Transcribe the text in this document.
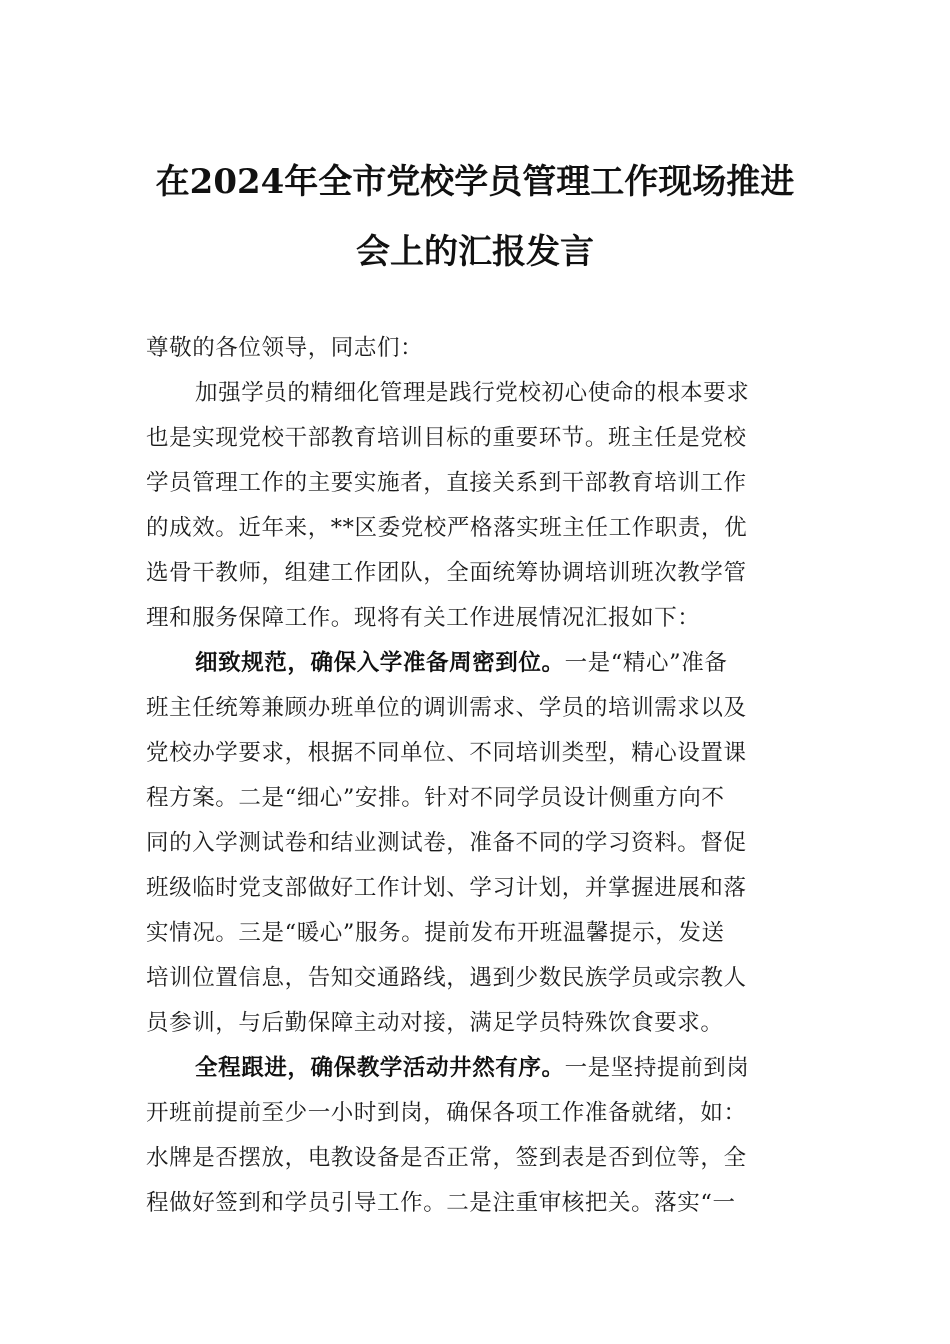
在2024年全市党校学员管理工作现场推进
会上的汇报发言
尊敬的各位领导，同志们：
加强学员的精细化管理是践行党校初心使命的根本要求
也是实现党校干部教育培训目标的重要环节。班主任是党校
学员管理工作的主要实施者，直接关系到干部教育培训工作
的成效。近年来，**区委党校严格落实班主任工作职责，优
选骨干教师，组建工作团队，全面统筹协调培训班次教学管
理和服务保障工作。现将有关工作进展情况汇报如下：
细致规范，确保入学准备周密到位。一是“精心”准备
班主任统筹兼顾办班单位的调训需求、学员的培训需求以及
党校办学要求，根据不同单位、不同培训类型，精心设置课
程方案。二是“细心”安排。针对不同学员设计侧重方向不
同的入学测试卷和结业测试卷，准备不同的学习资料。督促
班级临时党支部做好工作计划、学习计划，并掌握进展和落
实情况。三是“暖心”服务。提前发布开班温馨提示，发送
培训位置信息，告知交通路线，遇到少数民族学员或宗教人
员参训，与后勤保障主动对接，满足学员特殊饮食要求。
全程跟进，确保教学活动井然有序。一是坚持提前到岗
开班前提前至少一小时到岗，确保各项工作准备就绪，如：
水牌是否摆放，电教设备是否正常，签到表是否到位等，全
程做好签到和学员引导工作。二是注重审核把关。落实“一
